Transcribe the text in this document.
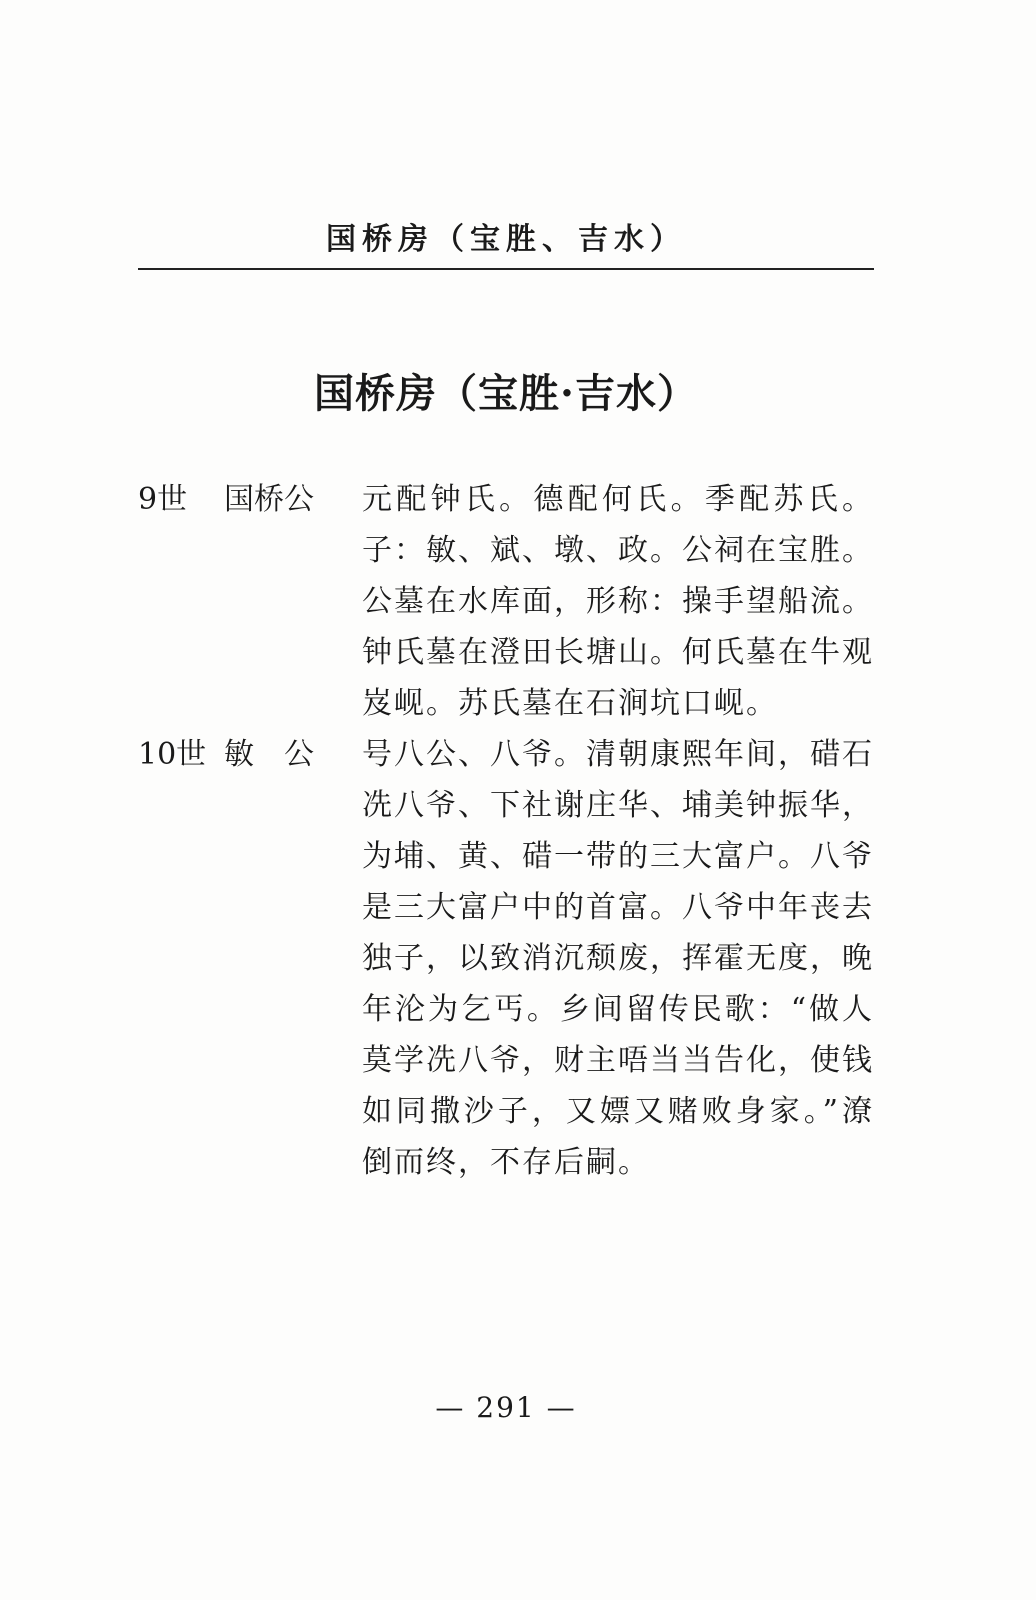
国桥房（宝胜、吉水）
国桥房（宝胜·吉水）
9世	国桥公	元配钟氏。德配何氏。季配苏氏。子：敏、斌、墩、政。公祠在宝胜。公墓在水库面，形称：操手望船流。钟氏墓在澄田长塘山。何氏墓在牛观岌岘。苏氏墓在石涧坑口岘。
10世 敏　公	号八公、八爷。清朝康熙年间，碏石冼八爷、下社谢庄华、埔美钟振华，为埔、黄、碏一带的三大富户。八爷是三大富户中的首富。八爷中年丧去独子，以致消沉颓废，挥霍无度，晚年沦为乞丐。乡间留传民歌：“做人莫学冼八爷，财主唔当当告化，使钱如同撒沙子，又嫖又赌败身家。”潦倒而终，不存后嗣。
— 291 —
